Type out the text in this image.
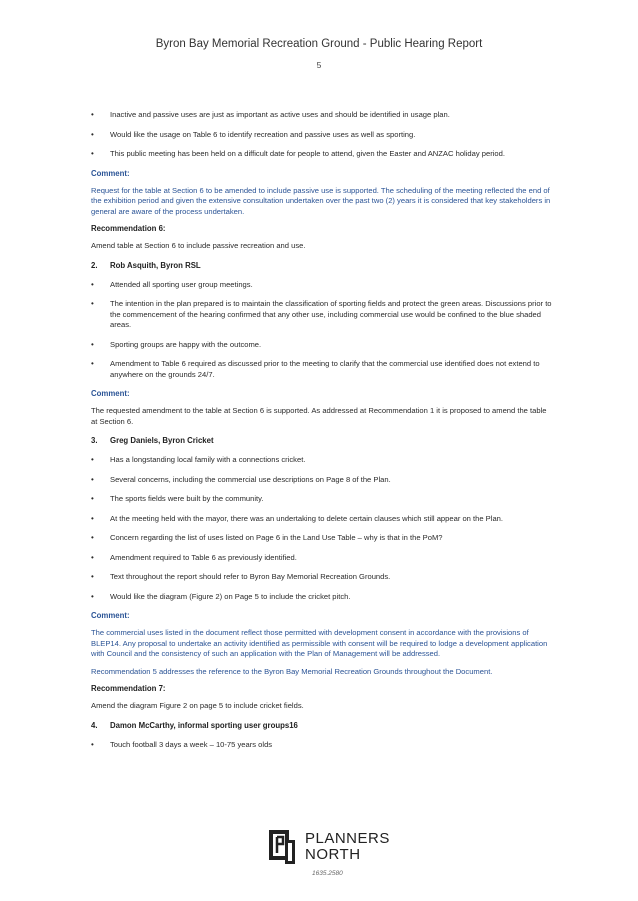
Byron Bay Memorial Recreation Ground - Public Hearing Report
5
• Inactive and passive uses are just as important as active uses and should be identified in usage plan.
• Would like the usage on Table 6 to identify recreation and passive uses as well as sporting.
• This public meeting has been held on a difficult date for people to attend, given the Easter and ANZAC holiday period.
Comment:
Request for the table at Section 6 to be amended to include passive use is supported. The scheduling of the meeting reflected the end of the exhibition period and given the extensive consultation undertaken over the past two (2) years it is considered that key stakeholders in general are aware of the process undertaken.
Recommendation 6:
Amend table at Section 6 to include passive recreation and use.
2. Rob Asquith, Byron RSL
• Attended all sporting user group meetings.
• The intention in the plan prepared is to maintain the classification of sporting fields and protect the green areas. Discussions prior to the commencement of the hearing confirmed that any other use, including commercial use would be confined to the blue shaded areas.
• Sporting groups are happy with the outcome.
• Amendment to Table 6 required as discussed prior to the meeting to clarify that the commercial use identified does not extend to anywhere on the grounds 24/7.
Comment:
The requested amendment to the table at Section 6 is supported. As addressed at Recommendation 1 it is proposed to amend the table at Section 6.
3. Greg Daniels, Byron Cricket
• Has a longstanding local family with a connections cricket.
• Several concerns, including the commercial use descriptions on Page 8 of the Plan.
• The sports fields were built by the community.
• At the meeting held with the mayor, there was an undertaking to delete certain clauses which still appear on the Plan.
• Concern regarding the list of uses listed on Page 6 in the Land Use Table – why is that in the PoM?
• Amendment required to Table 6 as previously identified.
• Text throughout the report should refer to Byron Bay Memorial Recreation Grounds.
• Would like the diagram (Figure 2) on Page 5 to include the cricket pitch.
Comment:
The commercial uses listed in the document reflect those permitted with development consent in accordance with the provisions of BLEP14. Any proposal to undertake an activity identified as permissible with consent will be required to lodge a development application with Council and the consistency of such an application with the Plan of Management will be addressed.
Recommendation 5 addresses the reference to the Byron Bay Memorial Recreation Grounds throughout the Document.
Recommendation 7:
Amend the diagram Figure 2 on page 5 to include cricket fields.
4. Damon McCarthy, informal sporting user groups16
• Touch football 3 days a week – 10-75 years olds
PLANNERS
NORTH
1635.2580
